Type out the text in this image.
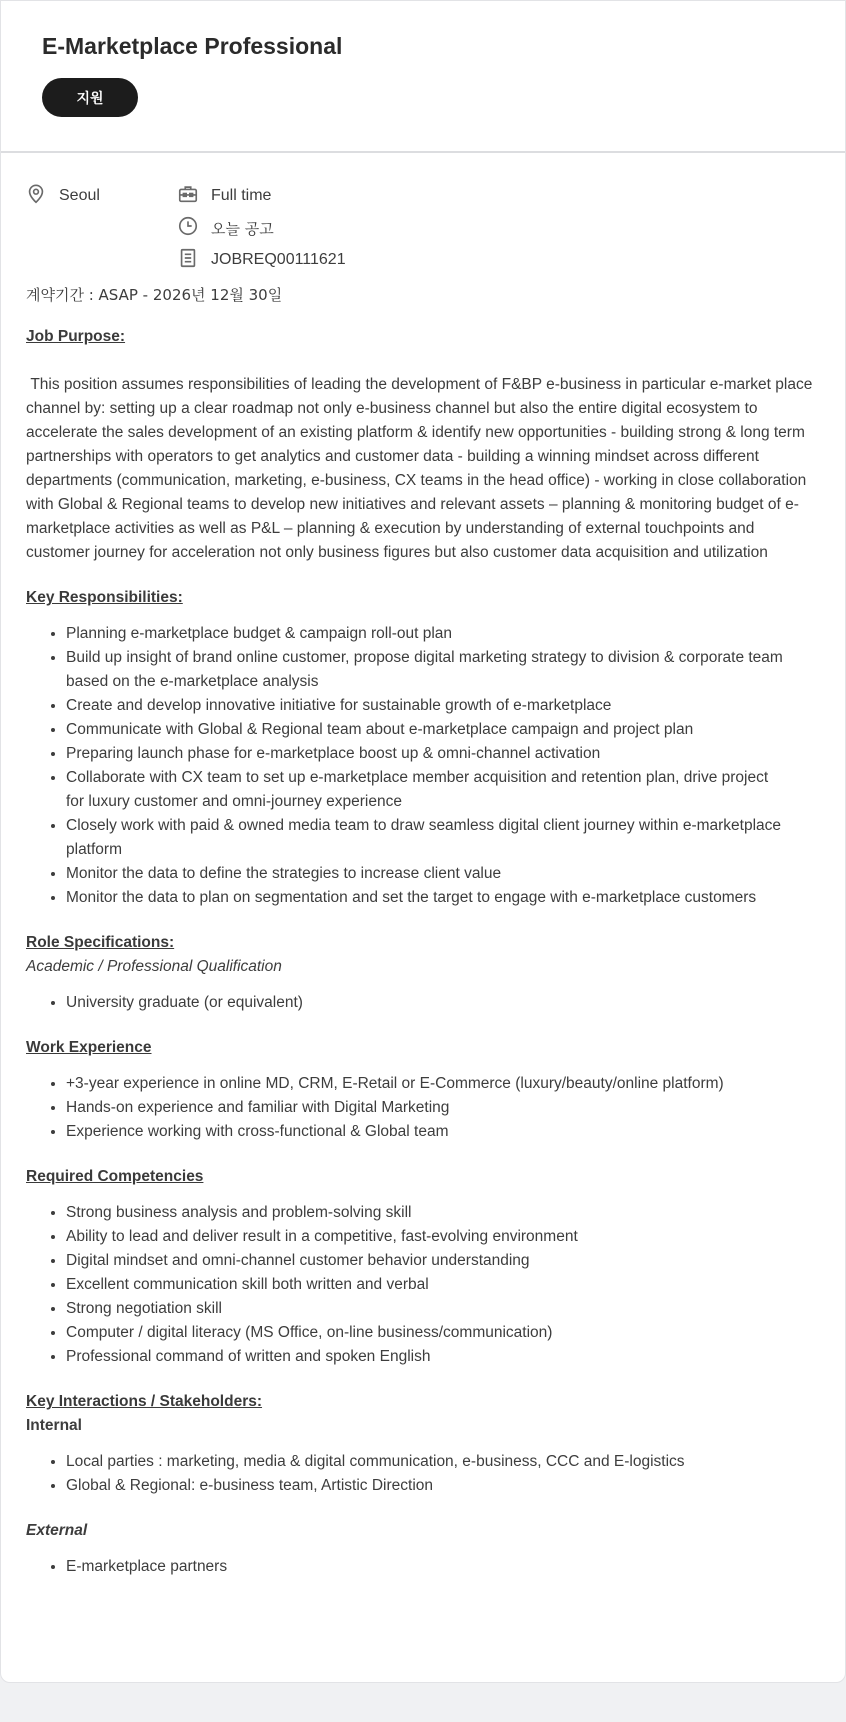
E-Marketplace Professional
지원
Seoul	Full time
오늘 공고
JOBREQ00111621
계약기간 : ASAP - 2026년 12월 30일
Job Purpose:

This position assumes responsibilities of leading the development of F&BP e-business in particular e-market place channel by: setting up a clear roadmap not only e-business channel but also the entire digital ecosystem to accelerate the sales development of an existing platform & identify new opportunities - building strong & long term partnerships with operators to get analytics and customer data - building a winning mindset across different departments (communication, marketing, e-business, CX teams in the head office) - working in close collaboration with Global & Regional teams to develop new initiatives and relevant assets – planning & monitoring budget of e-marketplace activities as well as P&L – planning & execution by understanding of external touchpoints and customer journey for acceleration not only business figures but also customer data acquisition and utilization

Key Responsibilities:
• Planning e-marketplace budget & campaign roll-out plan
• Build up insight of brand online customer, propose digital marketing strategy to division & corporate team based on the e-marketplace analysis
• Create and develop innovative initiative for sustainable growth of e-marketplace
• Communicate with Global & Regional team about e-marketplace campaign and project plan
• Preparing launch phase for e-marketplace boost up & omni-channel activation
• Collaborate with CX team to set up e-marketplace member acquisition and retention plan, drive project for luxury customer and omni-journey experience
• Closely work with paid & owned media team to draw seamless digital client journey within e-marketplace platform
• Monitor the data to define the strategies to increase client value
• Monitor the data to plan on segmentation and set the target to engage with e-marketplace customers
Role Specifications:
Academic / Professional Qualification
• University graduate (or equivalent)
Work Experience
• +3-year experience in online MD, CRM, E-Retail or E-Commerce (luxury/beauty/online platform)
• Hands-on experience and familiar with Digital Marketing
• Experience working with cross-functional & Global team
Required Competencies
• Strong business analysis and problem-solving skill
• Ability to lead and deliver result in a competitive, fast-evolving environment
• Digital mindset and omni-channel customer behavior understanding
• Excellent communication skill both written and verbal
• Strong negotiation skill
• Computer / digital literacy (MS Office, on-line business/communication)
• Professional command of written and spoken English
Key Interactions / Stakeholders:
Internal
• Local parties : marketing, media & digital communication, e-business, CCC and E-logistics
• Global & Regional: e-business team, Artistic Direction
External
• E-marketplace partners
